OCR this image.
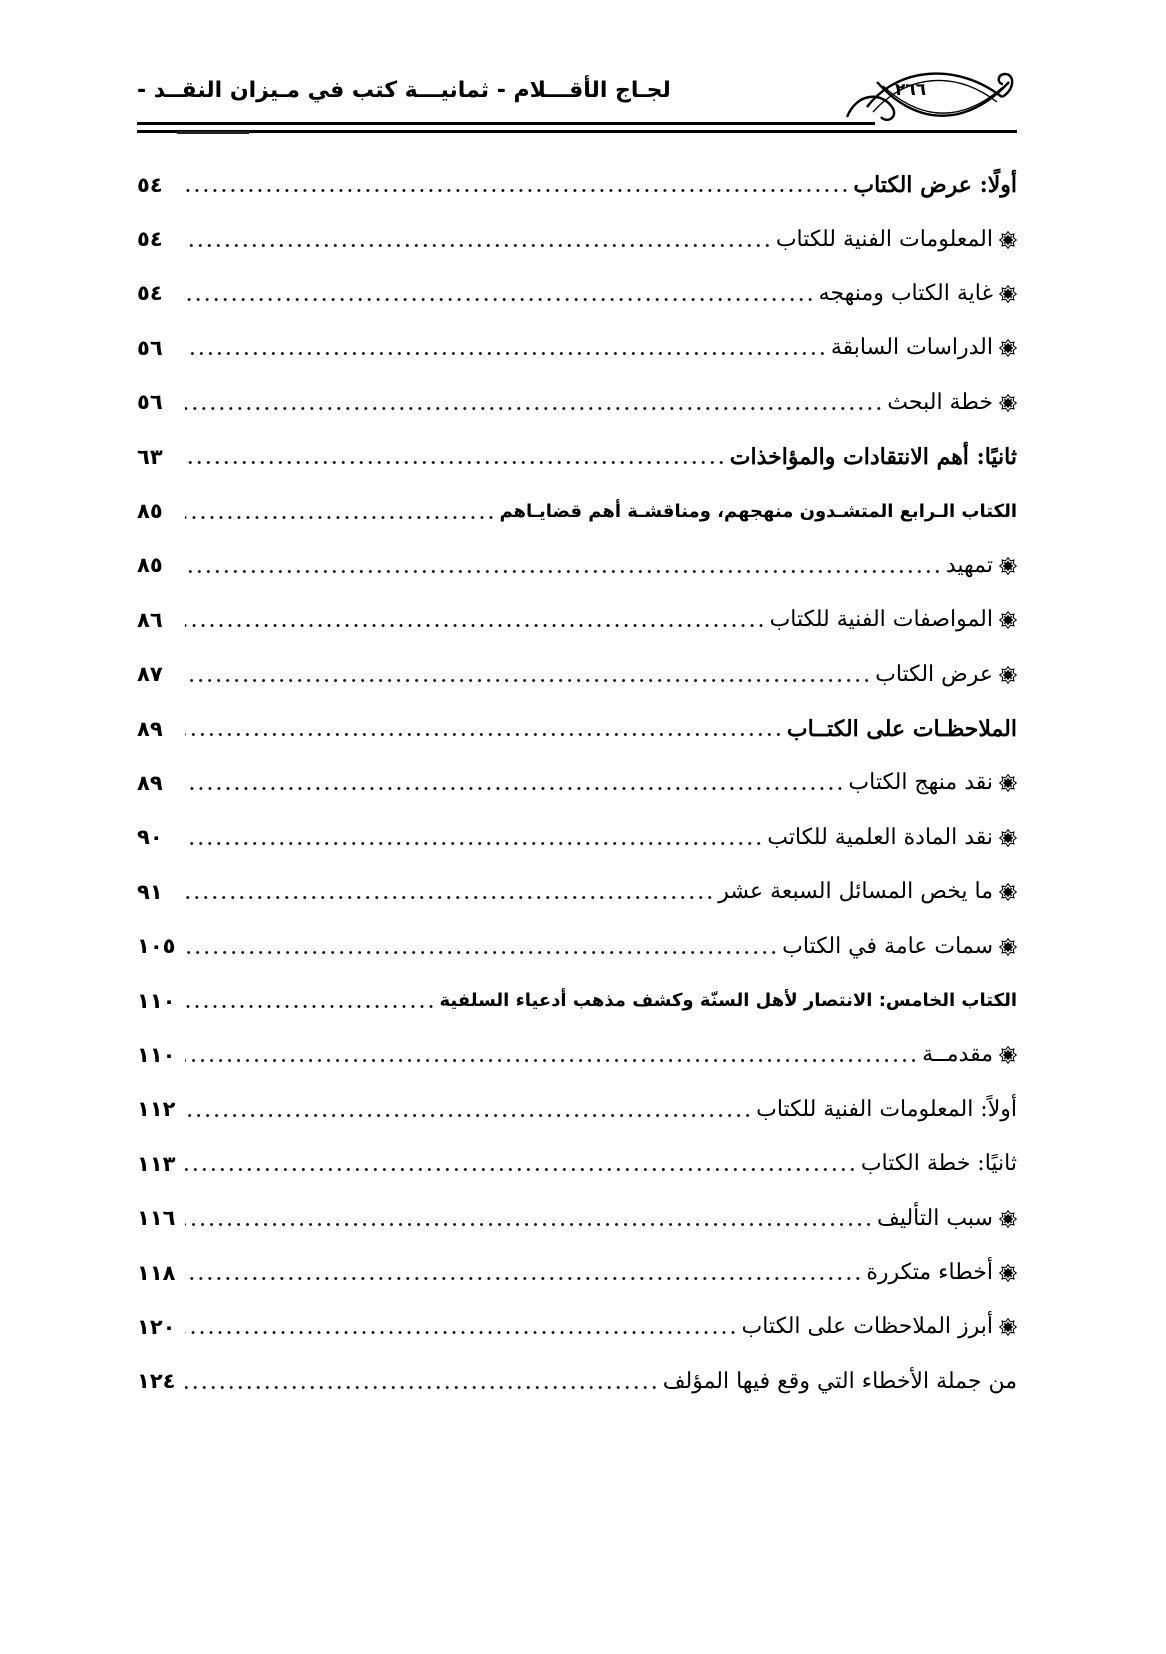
لجـاج الأقـــلام - ثمانيـــة كتب في مـيزان النقــد -	٢٦٦
أولًا: عرض الكتاب
٥٤
المعلومات الفنية للكتاب
٥٤
غاية الكتاب ومنهجه
٥٤
الدراسات السابقة
٥٦
خطة البحث
٥٦
ثانيًا: أهم الانتقادات والمؤاخذات
٦٣
الكتاب الـرابع المتشـدون منهجهم، ومناقشـة أهم قضايـاهم
٨٥
تمهيد
٨٥
المواصفات الفنية للكتاب
٨٦
عرض الكتاب
٨٧
الملاحظـات على الكتــاب
٨٩
نقد منهج الكتاب
٨٩
نقد المادة العلمية للكاتب
٩٠
ما يخص المسائل السبعة عشر
٩١
سمات عامة في الكتاب
١٠٥
الكتاب الخامس: الانتصار لأهل السنّة وكشف مذهب أدعياء السلفية
١١٠
مقدمــة
١١٠
أولاً: المعلومات الفنية للكتاب
١١٢
ثانيًا: خطة الكتاب
١١٣
سبب التأليف
١١٦
أخطاء متكررة
١١٨
أبرز الملاحظات على الكتاب
١٢٠
من جملة الأخطاء التي وقع فيها المؤلف
١٢٤
